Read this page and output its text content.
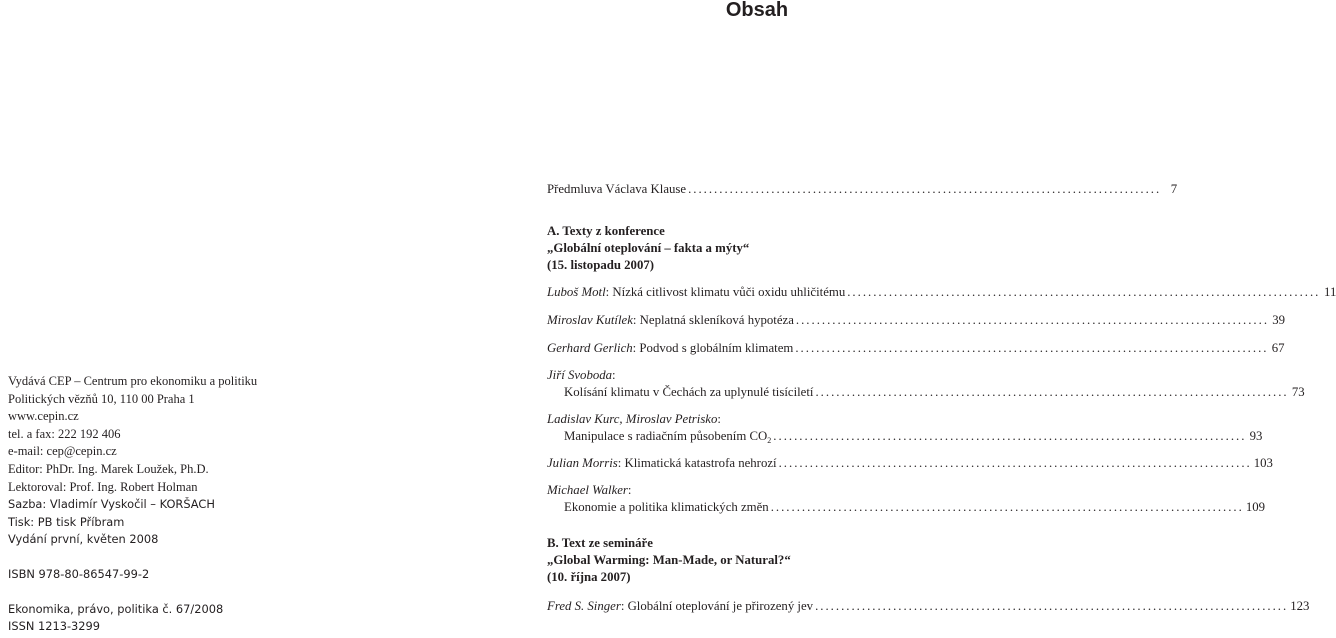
Obsah
Vydává CEP – Centrum pro ekonomiku a politiku
Politických vězňů 10, 110 00 Praha 1
www.cepin.cz
tel. a fax: 222 192 406
e-mail: cep@cepin.cz
Editor: PhDr. Ing. Marek Loužek, Ph.D.
Lektoroval: Prof. Ing. Robert Holman
Sazba: Vladimír Vyskočil – KORŠACH
Tisk: PB tisk Příbram
Vydání první, květen 2008
ISBN 978-80-86547-99-2
Ekonomika, právo, politika č. 67/2008
ISSN 1213-3299
Předmluva Václava Klause ........................................................................................... 7
A. Texty z konference
„Globální oteplování – fakta a mýty“
(15. listopadu 2007)
Luboš Motl: Nízká citlivost klimatu vůči oxidu uhličitému ........................................................................................... 11
Miroslav Kutílek: Neplatná skleníková hypotéza ........................................................................................... 39
Gerhard Gerlich: Podvod s globálním klimatem ........................................................................................... 67
Jiří Svoboda:
Kolísání klimatu v Čechách za uplynulé tisíciletí ........................................................................................... 73
Ladislav Kurc, Miroslav Petrisko:
Manipulace s radiačním působením $CO_2$ ........................................................................................... 93
Julian Morris: Klimatická katastrofa nehrozí ........................................................................................... 103
Michael Walker:
Ekonomie a politika klimatických změn ........................................................................................... 109
B. Text ze semináře
„Global Warming: Man-Made, or Natural?“
(10. října 2007)
Fred S. Singer: Globální oteplování je přirozený jev ........................................................................................... 123
